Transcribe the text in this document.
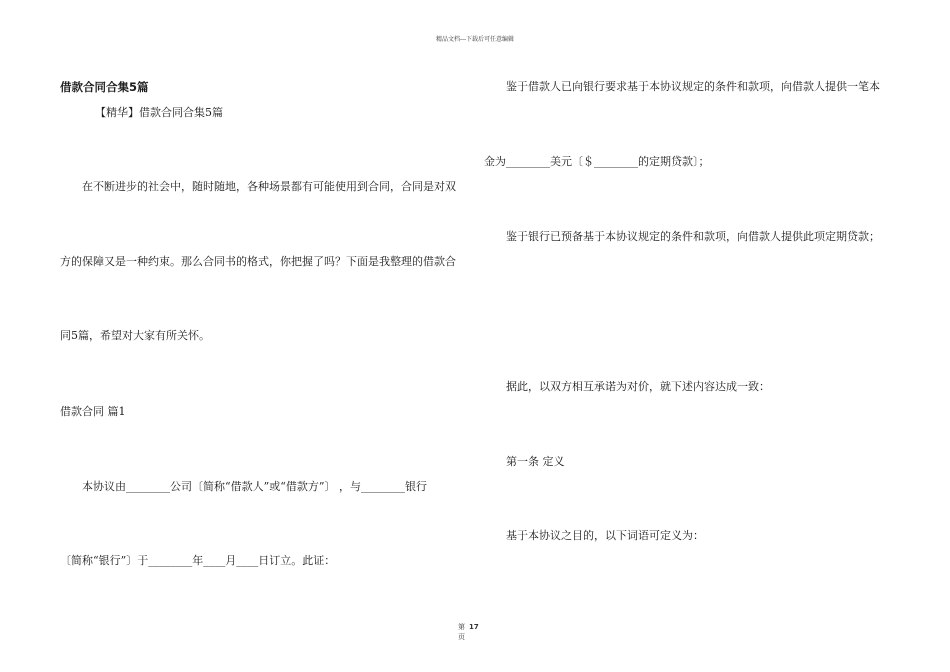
精品文档---下载后可任意编辑
借款合同合集5篇
【精华】借款合同合集5篇
在不断进步的社会中，随时随地，各种场景都有可能使用到合同，合同是对双
方的保障又是一种约束。那么合同书的格式，你把握了吗？下面是我整理的借款合
同5篇，希望对大家有所关怀。
借款合同 篇1
本协议由________公司〔简称“借款人”或“借款方”〕 ，与________银行
〔简称“银行”〕于________年____月____日订立。此证：
鉴于借款人已向银行要求基于本协议规定的条件和款项，向借款人提供一笔本
金为________美元〔＄________的定期贷款〕；
鉴于银行已预备基于本协议规定的条件和款项，向借款人提供此项定期贷款；
据此，以双方相互承诺为对价，就下述内容达成一致：
第一条 定义
基于本协议之目的，以下词语可定义为：
第 17
页
